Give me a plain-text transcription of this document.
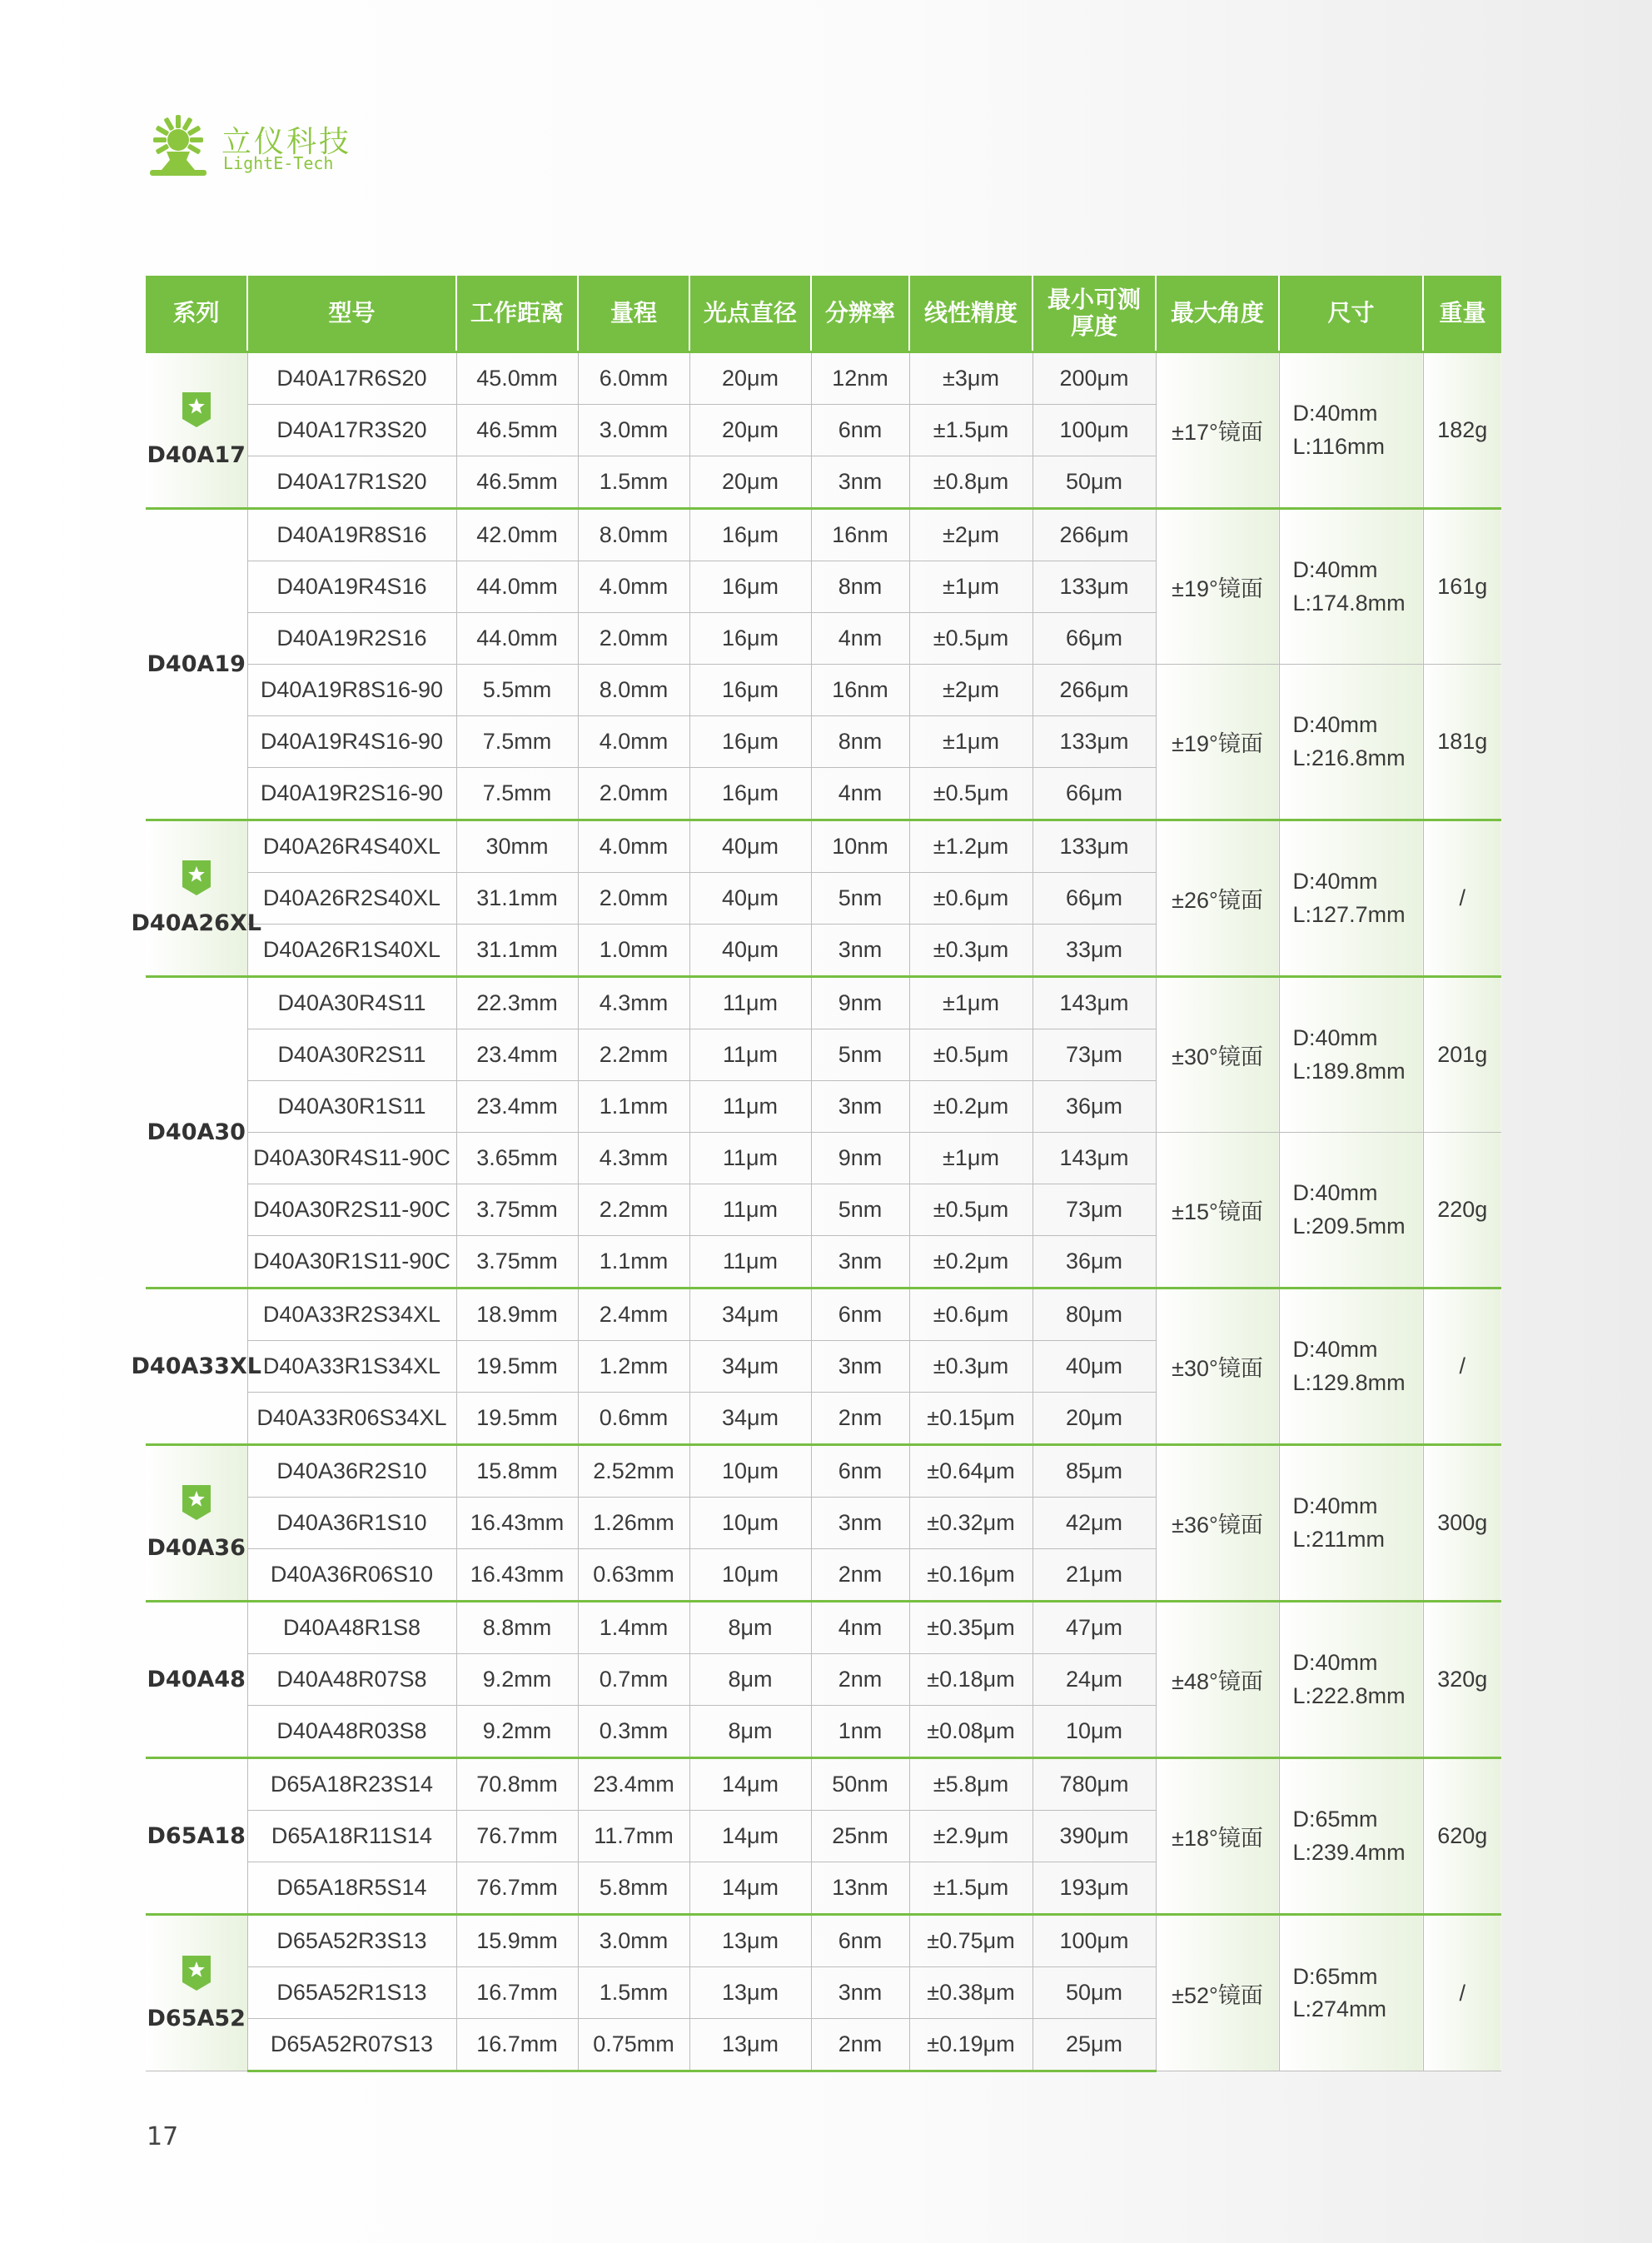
立仪科技
LightE-Tech
系列	型号	工作距离	量程	光点直径	分辨率	线性精度	最小可测
厚度	最大角度	尺寸	重量

D40A17	D40A17R6S20	45.0mm	6.0mm	20μm	12nm	±3μm	200μm	±17°镜面	D:40mm
L:116mm	182g
	D40A17R3S20	46.5mm	3.0mm	20μm	6nm	±1.5μm	100μm			
	D40A17R1S20	46.5mm	1.5mm	20μm	3nm	±0.8μm	50μm			

D40A19	D40A19R8S16	42.0mm	8.0mm	16μm	16nm	±2μm	266μm	±19°镜面	D:40mm
L:174.8mm	161g
	D40A19R4S16	44.0mm	4.0mm	16μm	8nm	±1μm	133μm			
	D40A19R2S16	44.0mm	2.0mm	16μm	4nm	±0.5μm	66μm			
	D40A19R8S16-90	5.5mm	8.0mm	16μm	16nm	±2μm	266μm	±19°镜面	D:40mm
L:216.8mm	181g
	D40A19R4S16-90	7.5mm	4.0mm	16μm	8nm	±1μm	133μm			
	D40A19R2S16-90	7.5mm	2.0mm	16μm	4nm	±0.5μm	66μm			

D40A26XL	D40A26R4S40XL	30mm	4.0mm	40μm	10nm	±1.2μm	133μm	±26°镜面	D:40mm
L:127.7mm	/
	D40A26R2S40XL	31.1mm	2.0mm	40μm	5nm	±0.6μm	66μm			
	D40A26R1S40XL	31.1mm	1.0mm	40μm	3nm	±0.3μm	33μm			

D40A30	D40A30R4S11	22.3mm	4.3mm	11μm	9nm	±1μm	143μm	±30°镜面	D:40mm
L:189.8mm	201g
	D40A30R2S11	23.4mm	2.2mm	11μm	5nm	±0.5μm	73μm			
	D40A30R1S11	23.4mm	1.1mm	11μm	3nm	±0.2μm	36μm			
	D40A30R4S11-90C	3.65mm	4.3mm	11μm	9nm	±1μm	143μm	±15°镜面	D:40mm
L:209.5mm	220g
	D40A30R2S11-90C	3.75mm	2.2mm	11μm	5nm	±0.5μm	73μm			
	D40A30R1S11-90C	3.75mm	1.1mm	11μm	3nm	±0.2μm	36μm			

D40A33XL	D40A33R2S34XL	18.9mm	2.4mm	34μm	6nm	±0.6μm	80μm	±30°镜面	D:40mm
L:129.8mm	/
	D40A33R1S34XL	19.5mm	1.2mm	34μm	3nm	±0.3μm	40μm			
	D40A33R06S34XL	19.5mm	0.6mm	34μm	2nm	±0.15μm	20μm			

D40A36	D40A36R2S10	15.8mm	2.52mm	10μm	6nm	±0.64μm	85μm	±36°镜面	D:40mm
L:211mm	300g
	D40A36R1S10	16.43mm	1.26mm	10μm	3nm	±0.32μm	42μm			
	D40A36R06S10	16.43mm	0.63mm	10μm	2nm	±0.16μm	21μm			

D40A48	D40A48R1S8	8.8mm	1.4mm	8μm	4nm	±0.35μm	47μm	±48°镜面	D:40mm
L:222.8mm	320g
	D40A48R07S8	9.2mm	0.7mm	8μm	2nm	±0.18μm	24μm			
	D40A48R03S8	9.2mm	0.3mm	8μm	1nm	±0.08μm	10μm			

D65A18	D65A18R23S14	70.8mm	23.4mm	14μm	50nm	±5.8μm	780μm	±18°镜面	D:65mm
L:239.4mm	620g
	D65A18R11S14	76.7mm	11.7mm	14μm	25nm	±2.9μm	390μm			
	D65A18R5S14	76.7mm	5.8mm	14μm	13nm	±1.5μm	193μm			

D65A52	D65A52R3S13	15.9mm	3.0mm	13μm	6nm	±0.75μm	100μm	±52°镜面	D:65mm
L:274mm	/
	D65A52R1S13	16.7mm	1.5mm	13μm	3nm	±0.38μm	50μm			
	D65A52R07S13	16.7mm	0.75mm	13μm	2nm	±0.19μm	25μm			
17
